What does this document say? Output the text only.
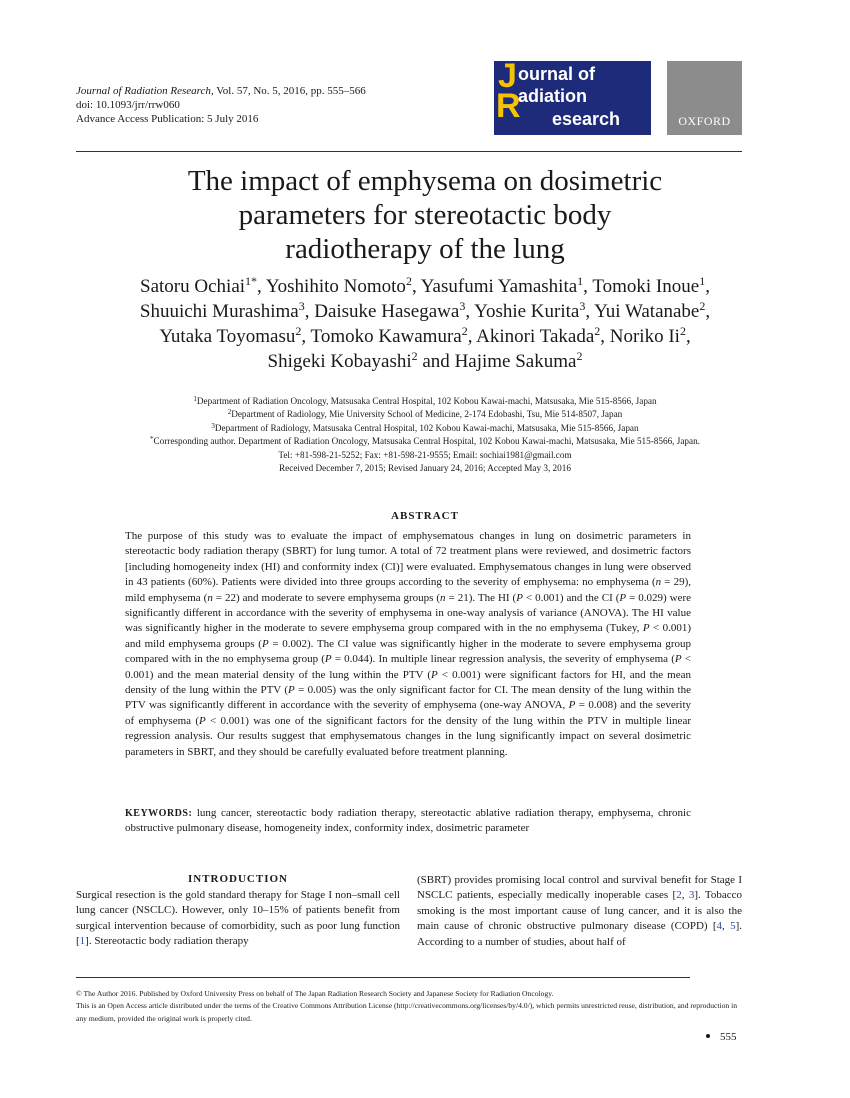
Journal of Radiation Research, Vol. 57, No. 5, 2016, pp. 555–566
doi: 10.1093/jrr/rrw060
Advance Access Publication: 5 July 2016
J ournal of
adiation
R esearch	OXFORD
The impact of emphysema on dosimetric
parameters for stereotactic body
radiotherapy of the lung
Satoru Ochiai$^{1*}$, Yoshihito Nomoto$^2$, Yasufumi Yamashita$^1$, Tomoki Inoue$^1$,
Shuuichi Murashima$^3$, Daisuke Hasegawa$^3$, Yoshie Kurita$^3$, Yui Watanabe$^2$,
Yutaka Toyomasu$^2$, Tomoko Kawamura$^2$, Akinori Takada$^2$, Noriko Ii$^2$,
Shigeki Kobayashi$^2$ and Hajime Sakuma$^2$
$^1$Department of Radiation Oncology, Matsusaka Central Hospital, 102 Kobou Kawai-machi, Matsusaka, Mie 515-8566, Japan
$^2$Department of Radiology, Mie University School of Medicine, 2-174 Edobashi, Tsu, Mie 514-8507, Japan
$^3$Department of Radiology, Matsusaka Central Hospital, 102 Kobou Kawai-machi, Matsusaka, Mie 515-8566, Japan
*Corresponding author. Department of Radiation Oncology, Matsusaka Central Hospital, 102 Kobou Kawai-machi, Matsusaka, Mie 515-8566, Japan.
Tel: +81-598-21-5252; Fax: +81-598-21-9555; Email: sochiai1981@gmail.com
Received December 7, 2015; Revised January 24, 2016; Accepted May 3, 2016
ABSTRACT

The purpose of this study was to evaluate the impact of emphysematous changes in lung on dosimetric parameters in stereotactic body radiation therapy (SBRT) for lung tumor. A total of 72 treatment plans were reviewed, and dosimetric factors [including homogeneity index (HI) and conformity index (CI)] were evaluated. Emphysematous changes in lung were observed in 43 patients (60%). Patients were divided into three groups according to the severity of emphysema: no emphysema (n = 29), mild emphysema (n = 22) and moderate to severe emphysema groups (n = 21). The HI (P < 0.001) and the CI (P = 0.029) were significantly different in accordance with the severity of emphysema in one-way analysis of variance (ANOVA). The HI value was significantly higher in the moderate to severe emphysema group compared with in the no emphysema (Tukey, P < 0.001) and mild emphysema groups (P = 0.002). The CI value was significantly higher in the moderate to severe emphysema group compared with in the no emphysema group (P = 0.044). In multiple linear regression analysis, the severity of emphysema (P < 0.001) and the mean material density of the lung within the PTV (P < 0.001) were significant factors for HI, and the mean density of the lung within the PTV (P = 0.005) was the only significant factor for CI. The mean density of the lung within the PTV was significantly different in accordance with the severity of emphysema (one-way ANOVA, P = 0.008) and the severity of emphysema (P < 0.001) was one of the significant factors for the density of the lung within the PTV in multiple linear regression analysis. Our results suggest that emphysematous changes in the lung significantly impact on several dosimetric parameters in SBRT, and they should be carefully evaluated before treatment planning.

KEYWORDS: lung cancer, stereotactic body radiation therapy, stereotactic ablative radiation therapy, emphysema, chronic obstructive pulmonary disease, homogeneity index, conformity index, dosimetric parameter
INTRODUCTION

Surgical resection is the gold standard therapy for Stage I non–small cell lung cancer (NSCLC). However, only 10–15% of patients benefit from surgical intervention because of comorbidity, such as poor lung function [1]. Stereotactic body radiation therapy

(SBRT) provides promising local control and survival benefit for Stage I NSCLC patients, especially medically inoperable cases [2, 3]. Tobacco smoking is the most important cause of lung cancer, and it is also the main cause of chronic obstructive pulmonary disease (COPD) [4, 5]. According to a number of studies, about half of

© The Author 2016. Published by Oxford University Press on behalf of The Japan Radiation Research Society and Japanese Society for Radiation Oncology.

This is an Open Access article distributed under the terms of the Creative Commons Attribution License (http://creativecommons.org/licenses/by/4.0/), which permits unrestricted reuse, distribution, and reproduction in any medium, provided the original work is properly cited.

555
